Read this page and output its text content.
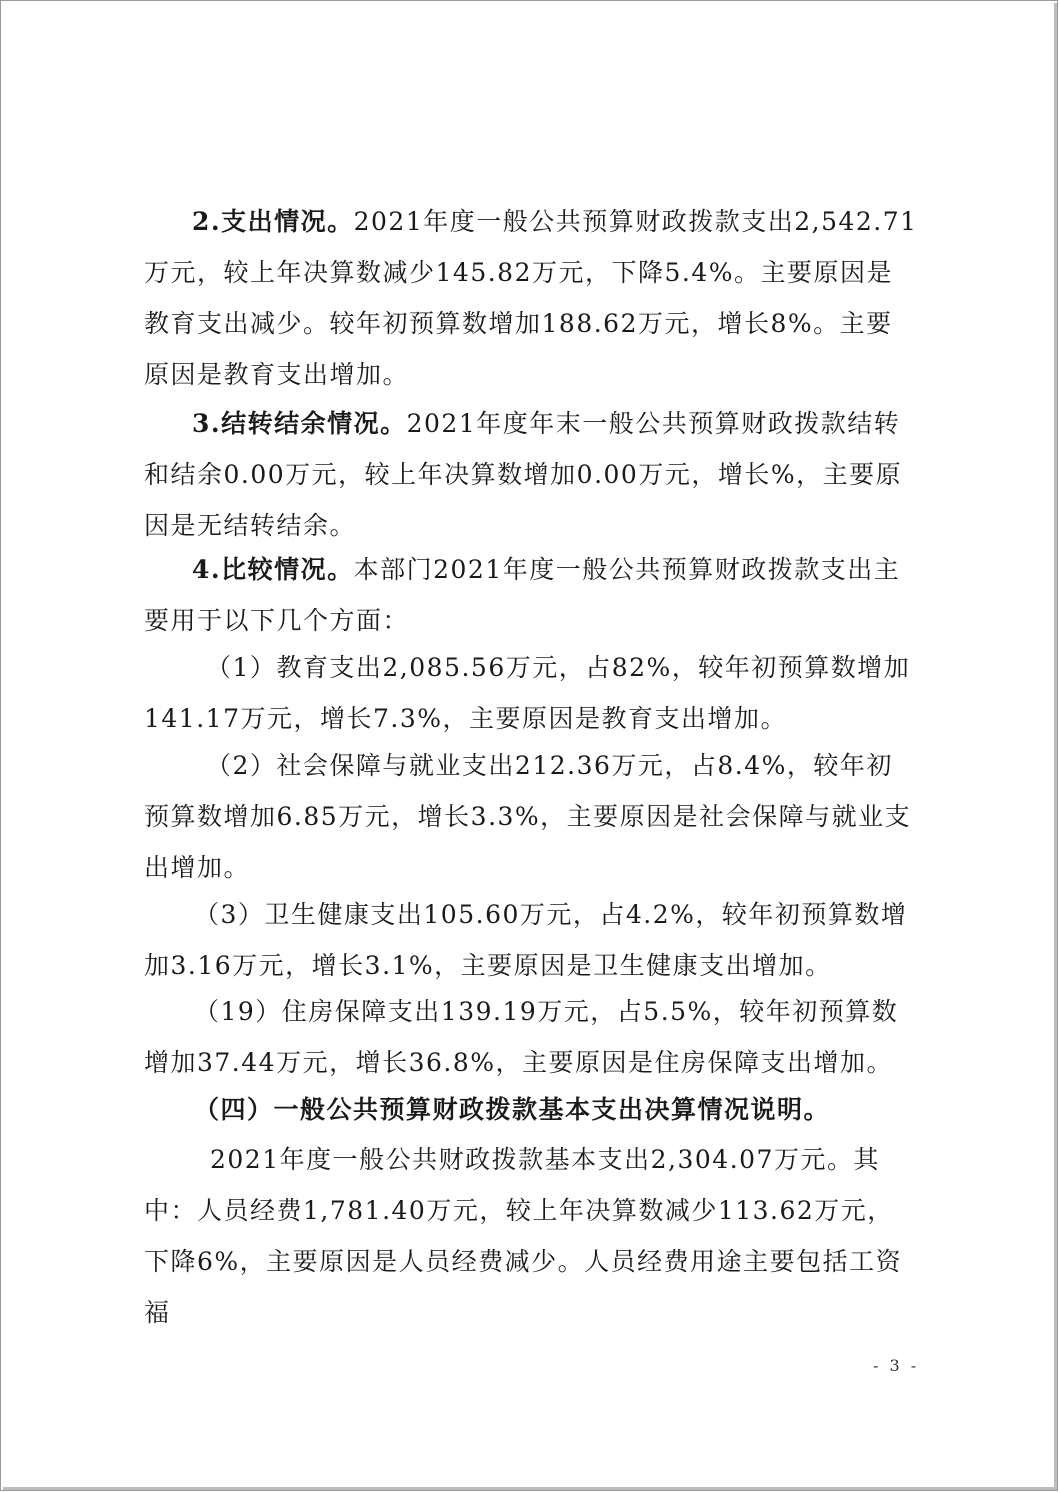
2.支出情况。2021年度一般公共预算财政拨款支出2,542.71万元，较上年决算数减少145.82万元，下降5.4%。主要原因是教育支出减少。较年初预算数增加188.62万元，增长8%。主要原因是教育支出增加。

3.结转结余情况。2021年度年末一般公共预算财政拨款结转和结余0.00万元，较上年决算数增加0.00万元，增长%，主要原因是无结转结余。

4.比较情况。本部门2021年度一般公共预算财政拨款支出主要用于以下几个方面：

（1）教育支出2,085.56万元，占82%，较年初预算数增加141.17万元，增长7.3%，主要原因是教育支出增加。

（2）社会保障与就业支出212.36万元，占8.4%，较年初预算数增加6.85万元，增长3.3%，主要原因是社会保障与就业支出增加。

（3）卫生健康支出105.60万元，占4.2%，较年初预算数增加3.16万元，增长3.1%，主要原因是卫生健康支出增加。

（19）住房保障支出139.19万元，占5.5%，较年初预算数增加37.44万元，增长36.8%，主要原因是住房保障支出增加。

（四）一般公共预算财政拨款基本支出决算情况说明。

2021年度一般公共财政拨款基本支出2,304.07万元。其中：人员经费1,781.40万元，较上年决算数减少113.62万元，下降6%，主要原因是人员经费减少。人员经费用途主要包括工资福

- 3 -
